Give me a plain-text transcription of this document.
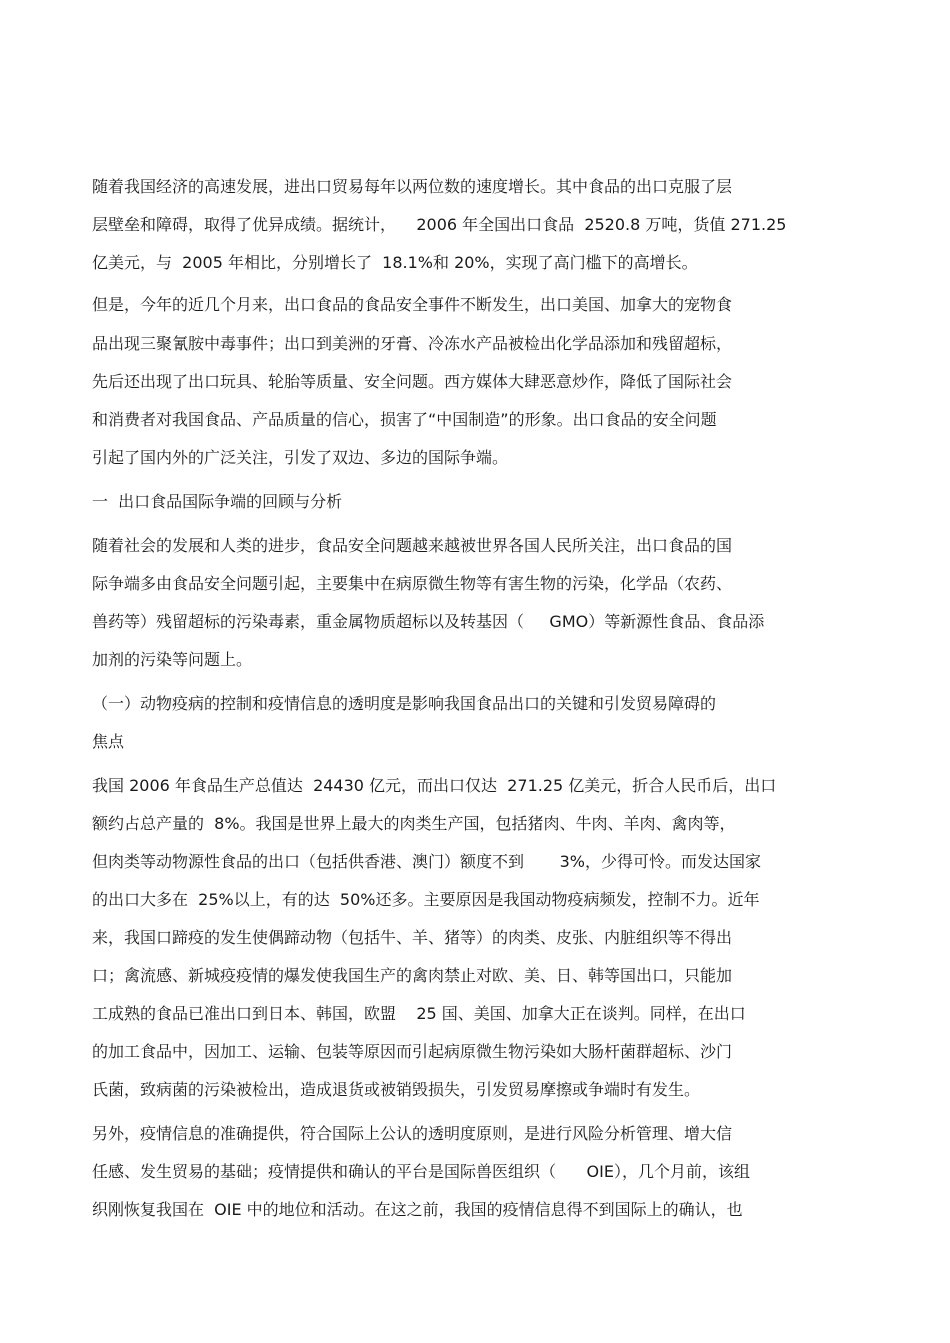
随着我国经济的高速发展，进出口贸易每年以两位数的速度增长。其中食品的出口克服了层
层壁垒和障碍，取得了优异成绩。据统计，    2006 年全国出口食品  2520.8 万吨，货值 271.25
亿美元，与  2005 年相比，分别增长了  18.1%和 20%，实现了高门槛下的高增长。
但是，今年的近几个月来，出口食品的食品安全事件不断发生，出口美国、加拿大的宠物食
品出现三聚氰胺中毒事件；出口到美洲的牙膏、冷冻水产品被检出化学品添加和残留超标，
先后还出现了出口玩具、轮胎等质量、安全问题。西方媒体大肆恶意炒作，降低了国际社会
和消费者对我国食品、产品质量的信心，损害了“中国制造”的形象。出口食品的安全问题
引起了国内外的广泛关注，引发了双边、多边的国际争端。
一  出口食品国际争端的回顾与分析
随着社会的发展和人类的进步，食品安全问题越来越被世界各国人民所关注，出口食品的国
际争端多由食品安全问题引起，主要集中在病原微生物等有害生物的污染，化学品（农药、
兽药等）残留超标的污染毒素，重金属物质超标以及转基因（     GMO）等新源性食品、食品添
加剂的污染等问题上。
（一）动物疫病的控制和疫情信息的透明度是影响我国食品出口的关键和引发贸易障碍的
焦点
我国 2006 年食品生产总值达  24430 亿元，而出口仅达  271.25 亿美元，折合人民币后，出口
额约占总产量的  8%。我国是世界上最大的肉类生产国，包括猪肉、牛肉、羊肉、禽肉等，
但肉类等动物源性食品的出口（包括供香港、澳门）额度不到       3%，少得可怜。而发达国家
的出口大多在  25%以上，有的达  50%还多。主要原因是我国动物疫病频发，控制不力。近年
来，我国口蹄疫的发生使偶蹄动物（包括牛、羊、猪等）的肉类、皮张、内脏组织等不得出
口；禽流感、新城疫疫情的爆发使我国生产的禽肉禁止对欧、美、日、韩等国出口，只能加
工成熟的食品已准出口到日本、韩国，欧盟    25 国、美国、加拿大正在谈判。同样，在出口
的加工食品中，因加工、运输、包装等原因而引起病原微生物污染如大肠杆菌群超标、沙门
氏菌，致病菌的污染被检出，造成退货或被销毁损失，引发贸易摩擦或争端时有发生。
另外，疫情信息的准确提供，符合国际上公认的透明度原则，是进行风险分析管理、增大信
任感、发生贸易的基础；疫情提供和确认的平台是国际兽医组织（      OIE），几个月前，该组
织刚恢复我国在  OIE 中的地位和活动。在这之前，我国的疫情信息得不到国际上的确认，也
